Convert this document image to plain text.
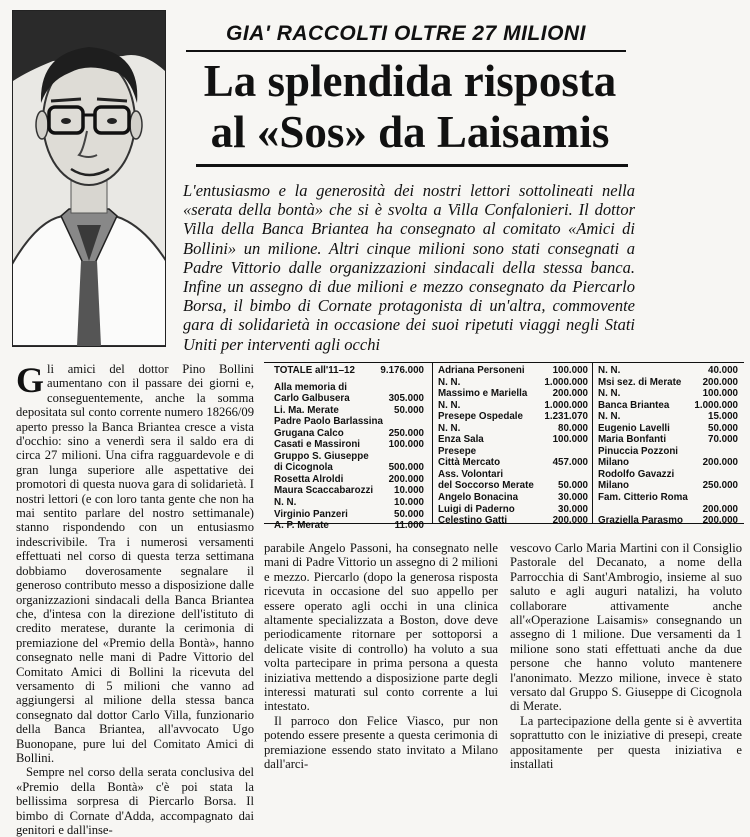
GIA' RACCOLTI OLTRE 27 MILIONI
La splendida risposta
al «Sos» da Laisamis

L'entusiasmo e la generosità dei nostri lettori sottolineati nella «serata della bontà» che si è svolta a Villa Confalonieri. Il dottor Villa della Banca Briantea ha consegnato al comitato «Amici di Bollini» un milione. Altri cinque milioni sono stati consegnati a Padre Vittorio dalle organizzazioni sindacali della stessa banca. Infine un assegno di due milioni e mezzo consegnato da Piercarlo Borsa, il bimbo di Cornate protagonista di un'altra, commovente gara di solidarietà in occasione dei suoi ripetuti viaggi negli Stati Uniti per interventi agli occhi

Gli amici del dottor Pino Bollini aumentano con il passare dei giorni e, conseguentemente, anche la somma depositata sul conto corrente numero 18266/09 aperto presso la Banca Briantea cresce a vista d'occhio: sino a venerdì sera il saldo era di circa 27 milioni. Una cifra ragguardevole e di gran lunga superiore alle aspettative dei promotori di questa nuova gara di solidarietà. I nostri lettori (e con loro tanta gente che non ha mai sentito parlare del nostro settimanale) stanno rispondendo con un entusiasmo indescrivibile. Tra i numerosi versamenti effettuati nel corso di questa terza settimana dobbiamo doverosamente segnalare il generoso contributo messo a disposizione dalle organizzazioni sindacali della Banca Briantea che, d'intesa con la direzione dell'istituto di credito meratese, durante la cerimonia di premiazione del «Premio della Bontà», hanno consegnato nelle mani di Padre Vittorio del Comitato Amici di Bollini la ricevuta del versamento di 5 milioni che vanno ad aggiungersi al milione della stessa banca consegnato dal dottor Carlo Villa, funzionario della Banca Briantea, all'avvocato Ugo Buonopane, pure lui del Comitato Amici di Bollini.

Sempre nel corso della serata conclusiva del «Premio della Bontà» c'è poi stata la bellissima sorpresa di Piercarlo Borsa. Il bimbo di Cornate d'Adda, accompagnato dai genitori e dall'inse-

parabile Angelo Passoni, ha consegnato nelle mani di Padre Vittorio un assegno di 2 milioni e mezzo. Piercarlo (dopo la generosa risposta ricevuta in occasione del suo appello per essere operato agli occhi in una clinica altamente specializzata a Boston, dove deve periodicamente ritornare per sottoporsi a delicate visite di controllo) ha voluto a sua volta partecipare in prima persona a questa iniziativa mettendo a disposizione parte degli interessi maturati sul conto corrente a lui intestato.

Il parroco don Felice Viasco, pur non potendo essere presente a questa cerimonia di premiazione essendo stato invitato a Milano dall'arci-

vescovo Carlo Maria Martini con il Consiglio Pastorale del Decanato, a nome della Parrocchia di Sant'Ambrogio, insieme al suo saluto e agli auguri natalizi, ha voluto collaborare attivamente anche all'«Operazione Laisamis» consegnando un assegno di 1 milione. Due versamenti da 1 milione sono stati effettuati anche da due persone che hanno voluto mantenere l'anonimato. Mezzo milione, invece è stato versato dal Gruppo S. Giuseppe di Cicognola di Merate.

La partecipazione della gente si è avvertita soprattutto con le iniziative di presepi, create appositamente per questa iniziativa e installati

TOTALE all'11–12	9.176.000
Alla memoria di
Carlo Galbusera	305.000
Li. Ma. Merate	50.000
Padre Paolo Barlassina
Grugana Calco	250.000
Casati e Massironi	100.000
Gruppo S. Giuseppe
di Cicognola	500.000
Rosetta Alroldi	200.000
Maura Scaccabarozzi	10.000
N. N.	10.000
Virginio Panzeri	50.000
A. P. Merate	11.000
Adriana Personeni	100.000
N. N.	1.000.000
Massimo e Mariella	200.000
N. N.	1.000.000
Presepe Ospedale	1.231.070
N. N.	80.000
Enza Sala	100.000
Presepe
Città Mercato	457.000
Ass. Volontari
del Soccorso Merate	50.000
Angelo Bonacina	30.000
Luigi di Paderno	30.000
Celestino Gatti	200.000
N. N.	40.000
Msi sez. di Merate	200.000
N. N.	100.000
Banca Briantea	1.000.000
N. N.	15.000
Eugenio Lavelli	50.000
Maria Bonfanti	70.000
Pinuccia Pozzoni
Milano	200.000
Rodolfo Gavazzi
Milano	250.000
Fam. Citterio Roma
200.000
Graziella Parasmo	200.000
